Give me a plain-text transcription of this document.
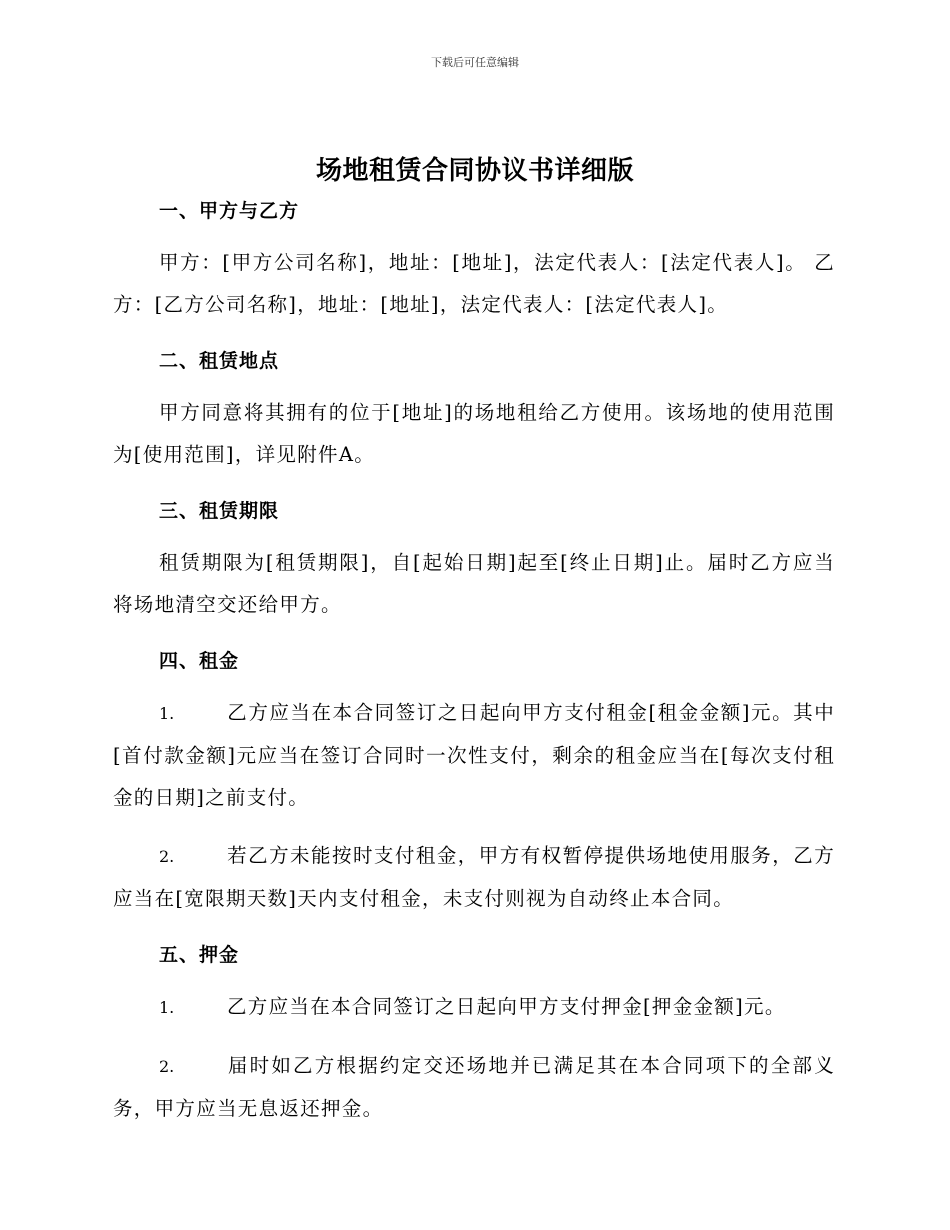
下载后可任意编辑
场地租赁合同协议书详细版
一、甲方与乙方

甲方：[甲方公司名称]，地址：[地址]，法定代表人：[法定代表人]。 乙方：[乙方公司名称]，地址：[地址]，法定代表人：[法定代表人]。

二、租赁地点

甲方同意将其拥有的位于[地址]的场地租给乙方使用。该场地的使用范围为[使用范围]，详见附件A。

三、租赁期限

租赁期限为[租赁期限]，自[起始日期]起至[终止日期]止。届时乙方应当将场地清空交还给甲方。

四、租金

1.	乙方应当在本合同签订之日起向甲方支付租金[租金金额]元。其中[首付款金额]元应当在签订合同时一次性支付，剩余的租金应当在[每次支付租金的日期]之前支付。

2.	若乙方未能按时支付租金，甲方有权暂停提供场地使用服务，乙方应当在[宽限期天数]天内支付租金，未支付则视为自动终止本合同。

五、押金

1.	乙方应当在本合同签订之日起向甲方支付押金[押金金额]元。

2.	届时如乙方根据约定交还场地并已满足其在本合同项下的全部义务，甲方应当无息返还押金。
